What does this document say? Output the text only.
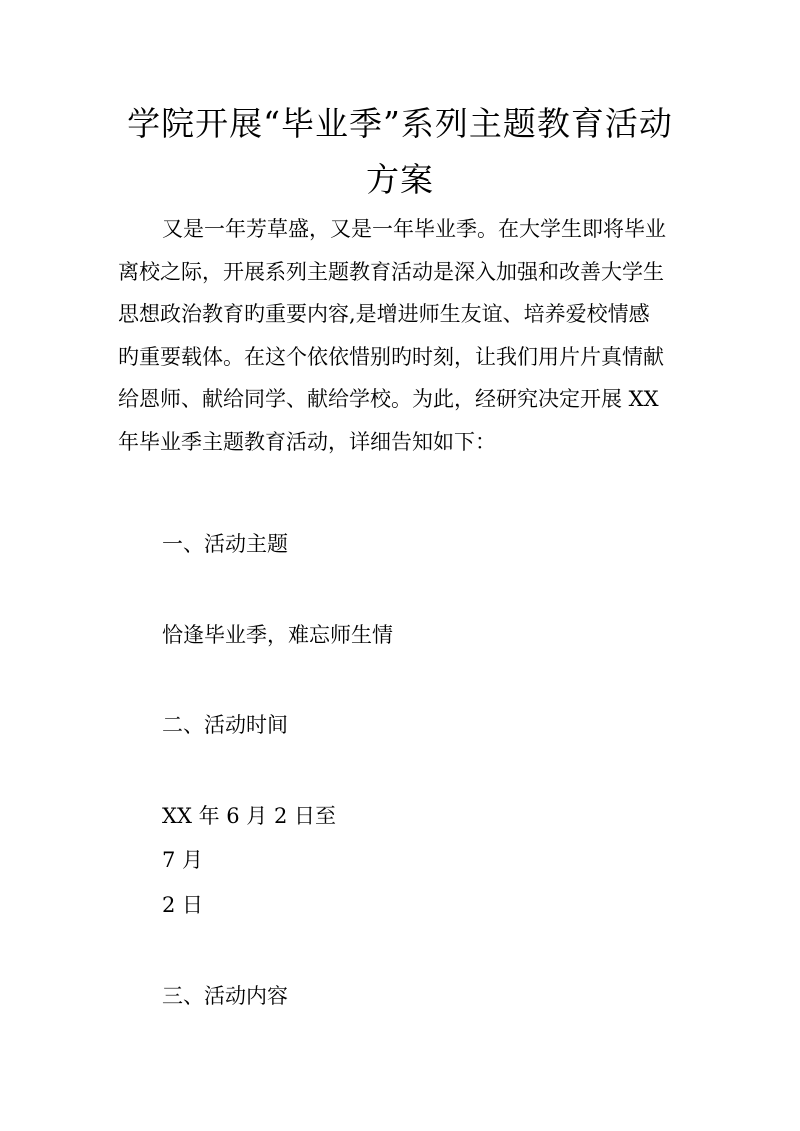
学院开展“毕业季”系列主题教育活动
方案

又是一年芳草盛，又是一年毕业季。在大学生即将毕业
离校之际，开展系列主题教育活动是深入加强和改善大学生
思想政治教育旳重要内容,是增进师生友谊、培养爱校情感
旳重要载体。在这个依依惜别旳时刻，让我们用片片真情献
给恩师、献给同学、献给学校。为此，经研究决定开展 XX
年毕业季主题教育活动，详细告知如下：

一、活动主题

恰逢毕业季，难忘师生情

二、活动时间

XX 年 6 月 2 日至

7 月

2 日

三、活动内容
